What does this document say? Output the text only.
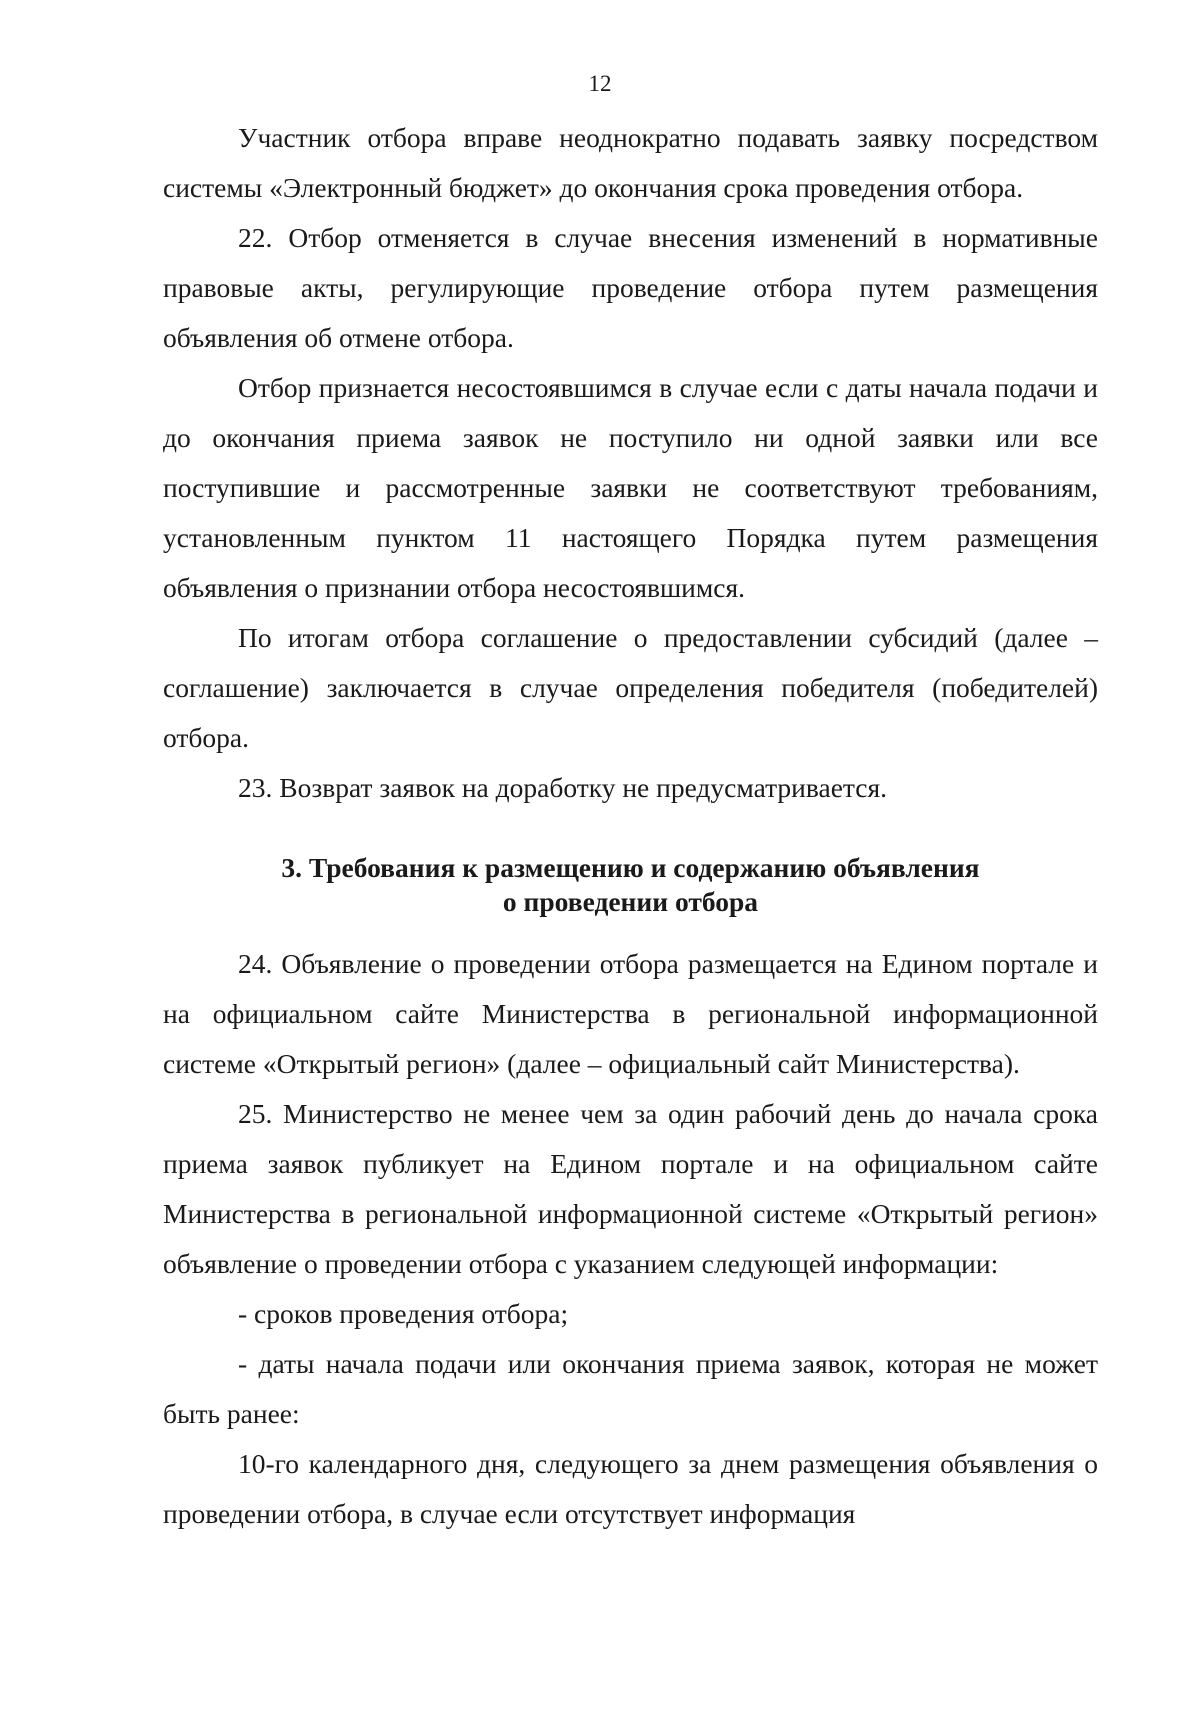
12

Участник отбора вправе неоднократно подавать заявку посредством системы «Электронный бюджет» до окончания срока проведения отбора.

22. Отбор отменяется в случае внесения изменений в нормативные правовые акты, регулирующие проведение отбора путем размещения объявления об отмене отбора.

Отбор признается несостоявшимся в случае если с даты начала подачи и до окончания приема заявок не поступило ни одной заявки или все поступившие и рассмотренные заявки не соответствуют требованиям, установленным пунктом 11 настоящего Порядка путем размещения объявления о признании отбора несостоявшимся.

По итогам отбора соглашение о предоставлении субсидий (далее – соглашение) заключается в случае определения победителя (победителей) отбора.

23. Возврат заявок на доработку не предусматривается.

3. Требования к размещению и содержанию объявления
о проведении отбора

24. Объявление о проведении отбора размещается на Едином портале и на официальном сайте Министерства в региональной информационной системе «Открытый регион» (далее – официальный сайт Министерства).

25. Министерство не менее чем за один рабочий день до начала срока приема заявок публикует на Едином портале и на официальном сайте Министерства в региональной информационной системе «Открытый регион» объявление о проведении отбора с указанием следующей информации:

- сроков проведения отбора;

- даты начала подачи или окончания приема заявок, которая не может быть ранее:

10-го календарного дня, следующего за днем размещения объявления о проведении отбора, в случае если отсутствует информация
